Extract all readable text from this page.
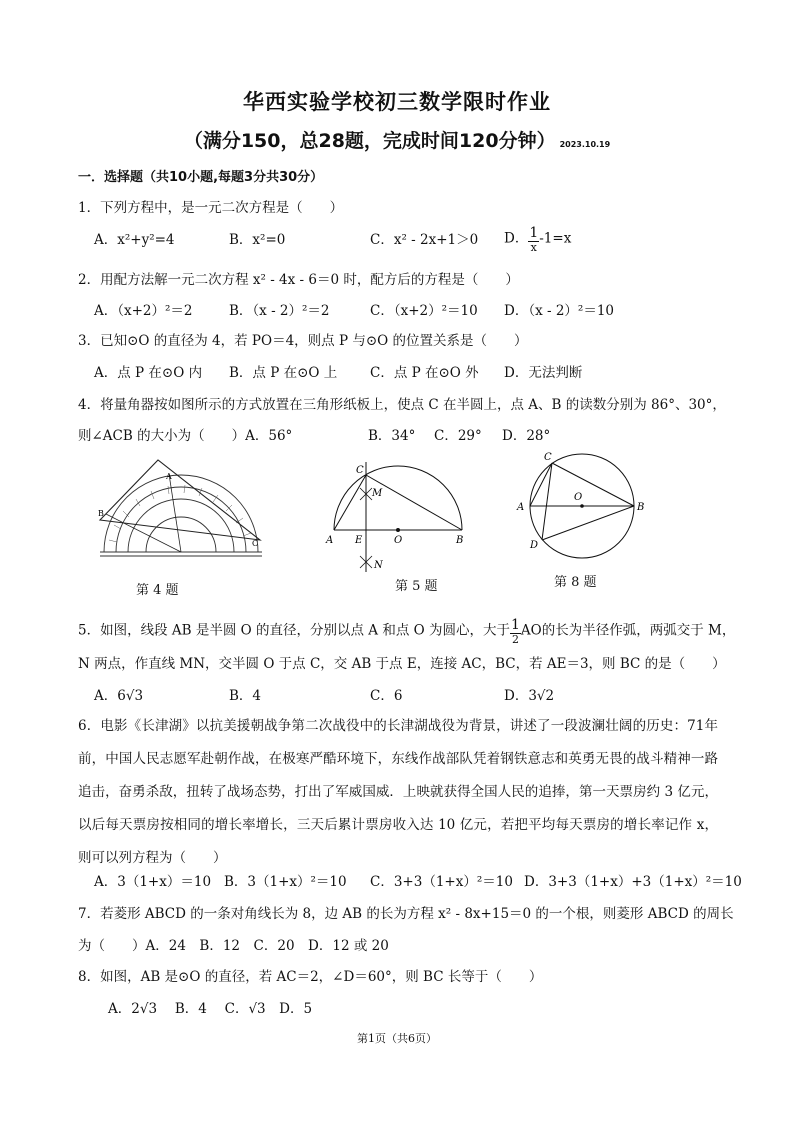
华西实验学校初三数学限时作业
（满分150，总28题，完成时间120分钟） 2023.10.19
一．选择题（共10小题,每题3分共30分）
1．下列方程中，是一元二次方程是（　　）
A．x²+y²=4	B．x²=0	C．x² - 2x+1＞0 D． $\frac{1}{x} -1=x$
2．用配方法解一元二次方程 x² - 4x - 6＝0 时，配方后的方程是（　　）
A．（x+2）²＝2	B．（x - 2）²＝2	C．（x+2）²＝10 D．（x - 2）²＝10
3．已知⊙O 的直径为 4，若 PO＝4，则点 P 与⊙O 的位置关系是（　　）
A．点 P 在⊙O 内 B．点 P 在⊙O 上 C．点 P 在⊙O 外 D．无法判断
4．将量角器按如图所示的方式放置在三角形纸板上，使点 C 在半圆上，点 A、B 的读数分别为 86°、30°，
则∠ACB 的大小为（　　）A．56°	B．34° C．29° D．28°
A
B
C
第 4 题
C
M
A E	O	B
N
第 5 题
C
A
O
B
D
第 8 题
5．如图，线段 AB 是半圆 O 的直径，分别以点 A 和点 O 为圆心，大于 $\frac{1}{2}$ AO的长为半径作弧，两弧交于 M，
N 两点，作直线 MN，交半圆 O 于点 C，交 AB 于点 E，连接 AC，BC，若 AE＝3，则 BC 的是（　　）
A．6√3	B．4	C．6	D．3√2
6．电影《长津湖》以抗美援朝战争第二次战役中的长津湖战役为背景，讲述了一段波澜壮阔的历史：71年前，中国人民志愿军赴朝作战，在极寒严酷环境下，东线作战部队凭着钢铁意志和英勇无畏的战斗精神一路追击，奋勇杀敌，扭转了战场态势，打出了军威国威．上映就获得全国人民的追捧，第一天票房约 3 亿元，以后每天票房按相同的增长率增长，三天后累计票房收入达 10 亿元，若把平均每天票房的增长率记作 x，则可以列方程为（　　）
A．3（1+x）＝10 B．3（1+x）²＝10 C．3+3（1+x）²＝10 D．3+3（1+x）+3（1+x）²＝10
7．若菱形 ABCD 的一条对角线长为 8，边 AB 的长为方程 x² - 8x+15＝0 的一个根，则菱形 ABCD 的周长
为（　　）A．24　B．12　C．20　D．12 或 20
8．如图，AB 是⊙O 的直径，若 AC＝2，∠D＝60°，则 BC 长等于（　　）
A．2√3　 B．4　 C．√3　D．5
第1页（共6页）
